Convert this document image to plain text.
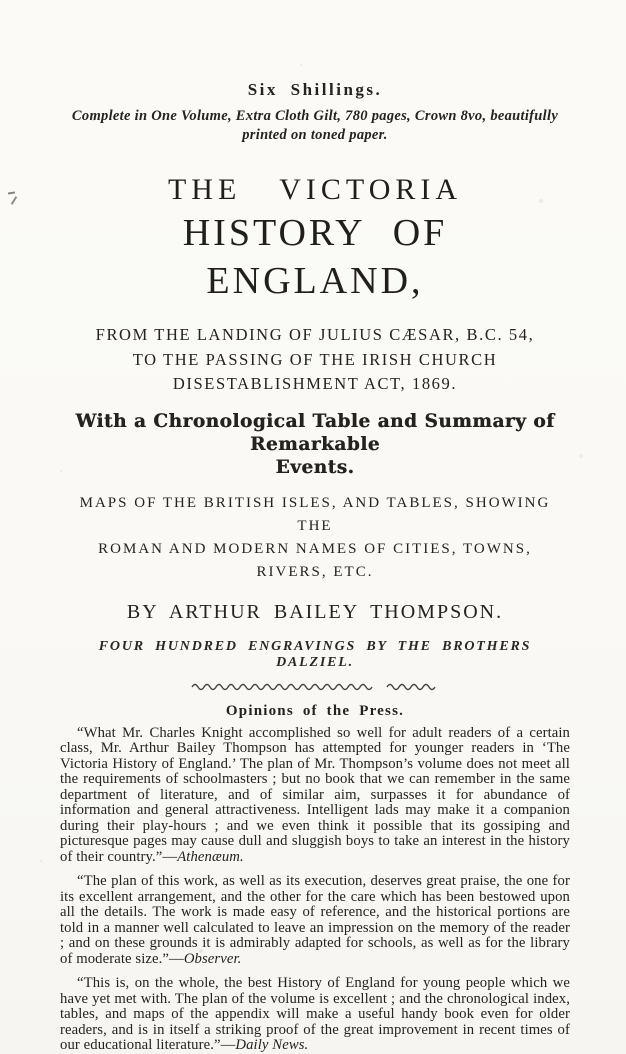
Six Shillings.
Complete in One Volume, Extra Cloth Gilt, 780 pages, Crown 8vo, beautifully
printed on toned paper.
THE VICTORIA
HISTORY OF ENGLAND,
FROM THE LANDING OF JULIUS CÆSAR, B.C. 54,
TO THE PASSING OF THE IRISH CHURCH
DISESTABLISHMENT ACT, 1869.
With a Chronological Table and Summary of Remarkable
Events.
MAPS OF THE BRITISH ISLES, AND TABLES, SHOWING THE
ROMAN AND MODERN NAMES OF CITIES, TOWNS,
RIVERS, ETC.
BY ARTHUR BAILEY THOMPSON.
FOUR HUNDRED ENGRAVINGS BY THE BROTHERS DALZIEL.
Opinions of the Press.

“What Mr. Charles Knight accomplished so well for adult readers of a certain class, Mr. Arthur Bailey Thompson has attempted for younger readers in ‘The Victoria History of England.’ The plan of Mr. Thompson’s volume does not meet all the requirements of schoolmasters ; but no book that we can remember in the same department of literature, and of similar aim, surpasses it for abundance of information and general attractiveness. Intelligent lads may make it a companion during their play-hours ; and we even think it possible that its gossiping and picturesque pages may cause dull and sluggish boys to take an interest in the history of their country.”—Athenæum.

“The plan of this work, as well as its execution, deserves great praise, the one for its excellent arrangement, and the other for the care which has been bestowed upon all the details. The work is made easy of reference, and the historical portions are told in a manner well calculated to leave an impression on the memory of the reader ; and on these grounds it is admirably adapted for schools, as well as for the library of moderate size.”—Observer.

“This is, on the whole, the best History of England for young people which we have yet met with. The plan of the volume is excellent ; and the chronological index, tables, and maps of the appendix will make a useful handy book even for older readers, and is in itself a striking proof of the great improvement in recent times of our educational literature.”—Daily News.
